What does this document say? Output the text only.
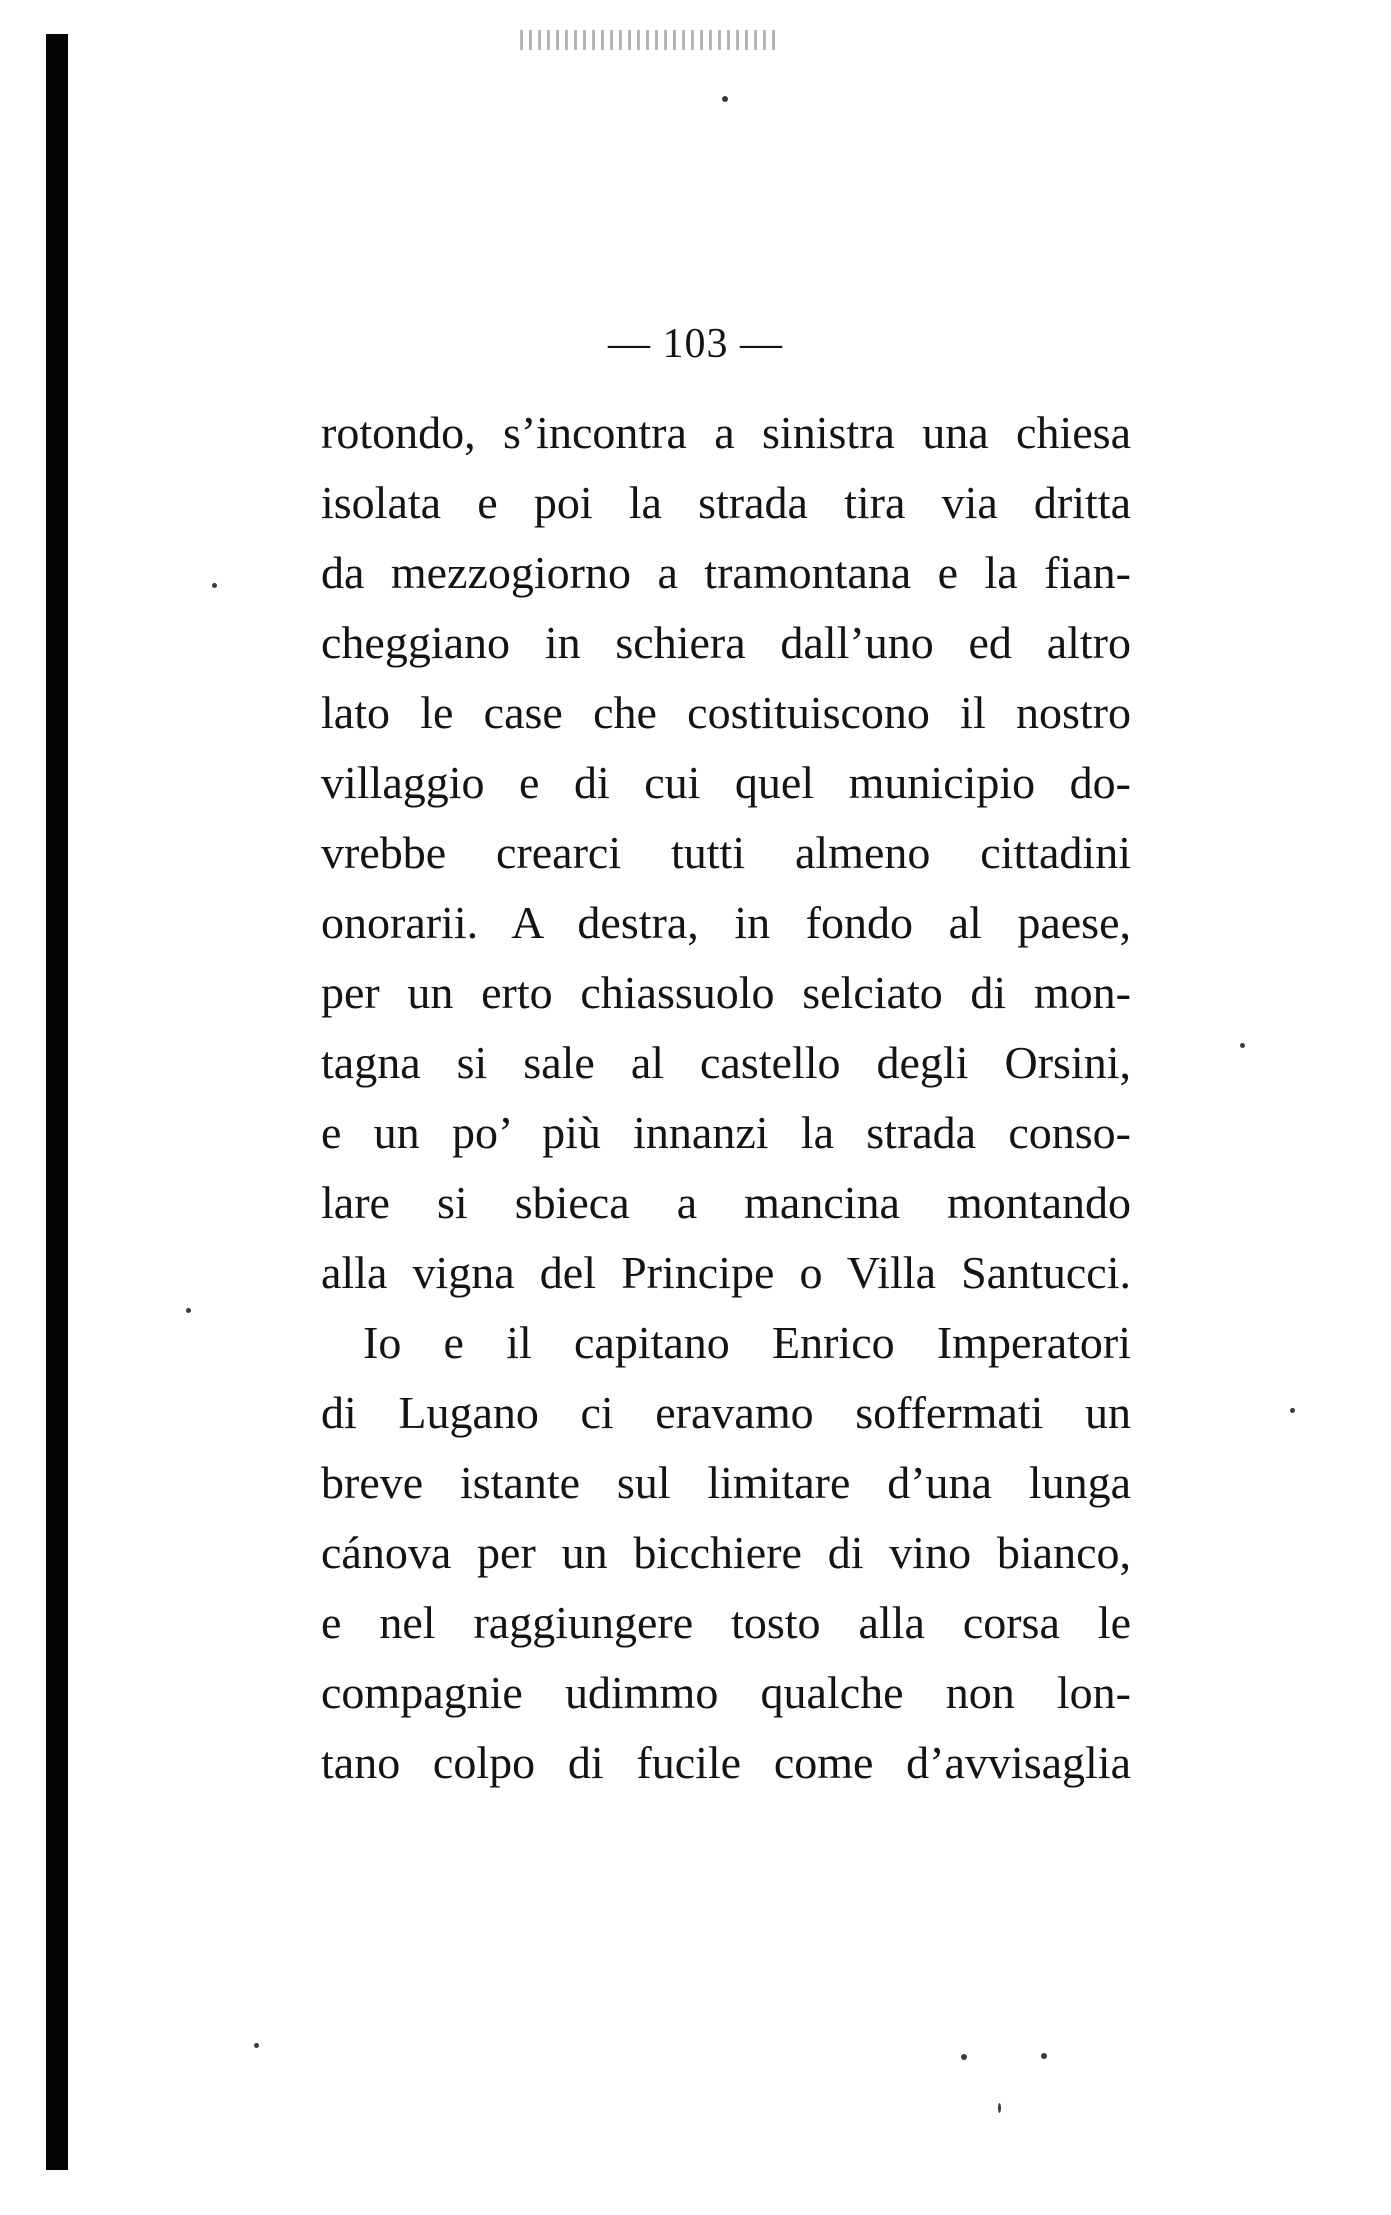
— 103 —
rotondo, s’incontra a sinistra una chiesa
isolata e poi la strada tira via dritta
da mezzogiorno a tramontana e la fian-
cheggiano in schiera dall’uno ed altro
lato le case che costituiscono il nostro
villaggio e di cui quel municipio do-
vrebbe crearci tutti almeno cittadini
onorarii. A destra, in fondo al paese,
per un erto chiassuolo selciato di mon-
tagna si sale al castello degli Orsini,
e un po’ più innanzi la strada conso-
lare si sbieca a mancina montando
alla vigna del Principe o Villa Santucci.
Io e il capitano Enrico Imperatori
di Lugano ci eravamo soffermati un
breve istante sul limitare d’una lunga
cánova per un bicchiere di vino bianco,
e nel raggiungere tosto alla corsa le
compagnie udimmo qualche non lon-
tano colpo di fucile come d’avvisaglia
